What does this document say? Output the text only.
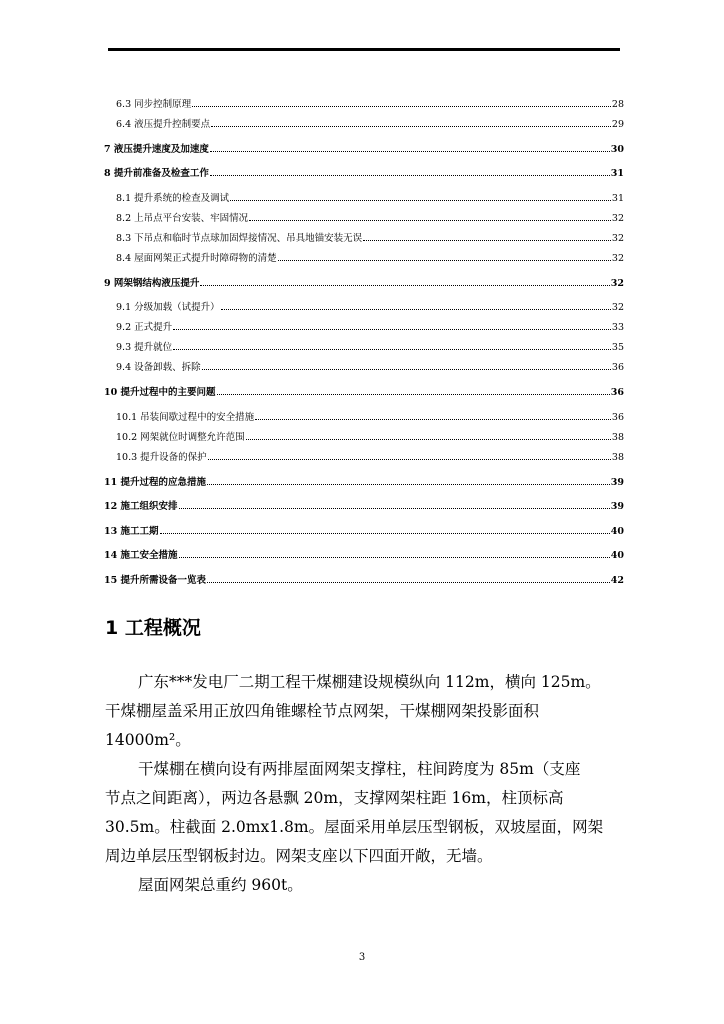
6.3 同步控制原理	28
6.4 液压提升控制要点	29
7 液压提升速度及加速度	30
8 提升前准备及检查工作	31
8.1 提升系统的检查及调试	31
8.2 上吊点平台安装、牢固情况	32
8.3 下吊点和临时节点球加固焊接情况、吊具地锚安装无误	32
8.4 屋面网架正式提升时障碍物的清楚	32
9 网架钢结构液压提升	32
9.1 分级加载（试提升）	32
9.2 正式提升	33
9.3 提升就位	35
9.4 设备卸载、拆除	36
10 提升过程中的主要问题	36
10.1 吊装间歇过程中的安全措施	36
10.2 网架就位时调整允许范围	38
10.3 提升设备的保护	38
11 提升过程的应急措施	39
12 施工组织安排	39
13 施工工期	40
14 施工安全措施	40
15 提升所需设备一览表	42
1 工程概况
广东***发电厂二期工程干煤棚建设规模纵向 112m，横向 125m。
干煤棚屋盖采用正放四角锥螺栓节点网架，干煤棚网架投影面积
14000m²。
干煤棚在横向设有两排屋面网架支撑柱，柱间跨度为 85m（支座
节点之间距离），两边各悬飘 20m，支撑网架柱距 16m，柱顶标高
30.5m。柱截面 2.0mx1.8m。屋面采用单层压型钢板，双坡屋面，网架
周边单层压型钢板封边。网架支座以下四面开敞，无墙。
屋面网架总重约 960t。
3
